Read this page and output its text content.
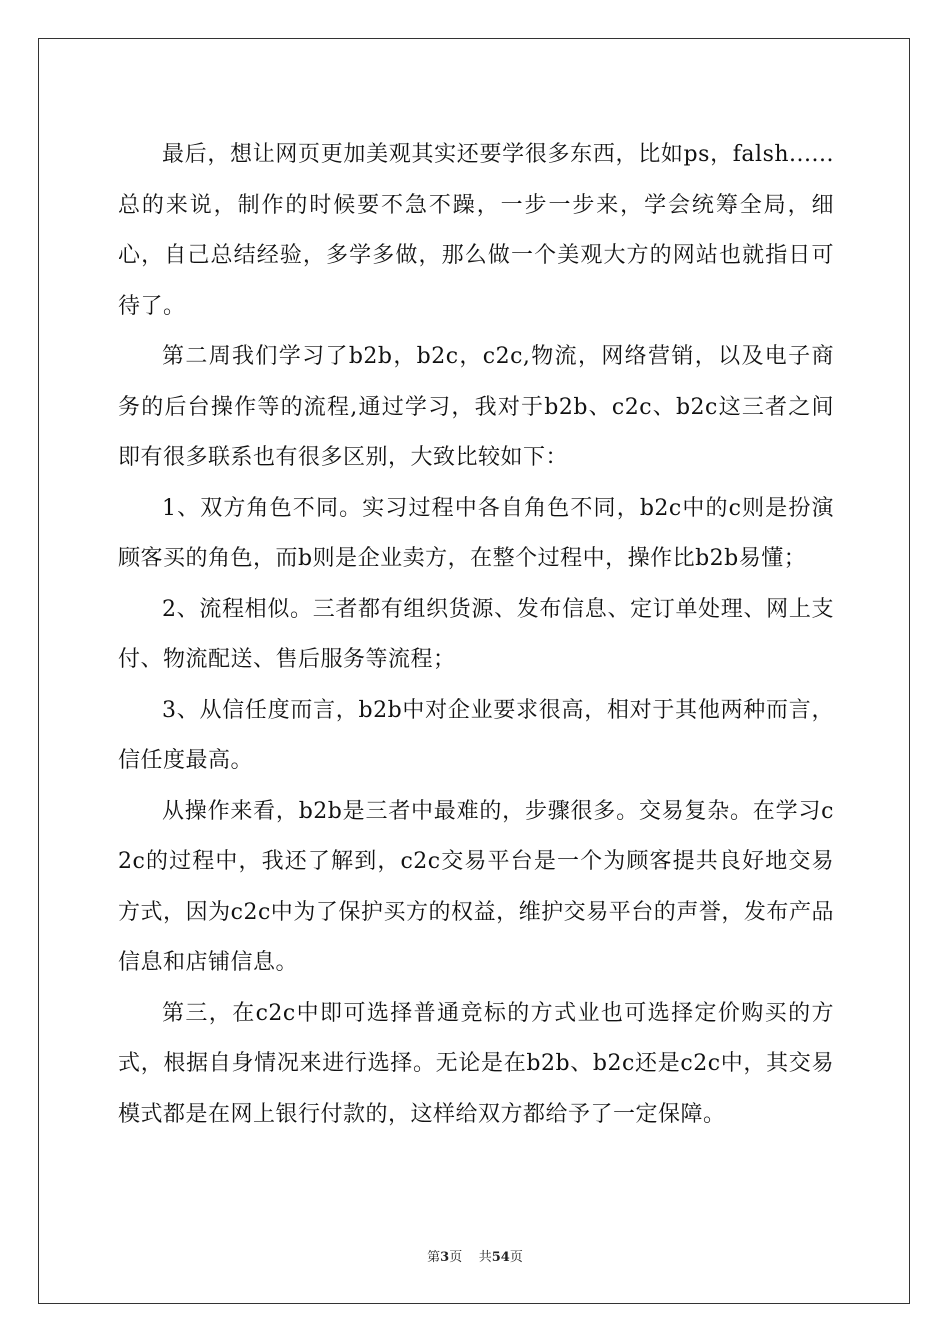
最后，想让网页更加美观其实还要学很多东西，比如ps，falsh......总的来说，制作的时候要不急不躁，一步一步来，学会统筹全局，细心，自己总结经验，多学多做，那么做一个美观大方的网站也就指日可待了。

第二周我们学习了b2b，b2c，c2c,物流，网络营销，以及电子商务的后台操作等的流程,通过学习，我对于b2b、c2c、b2c这三者之间即有很多联系也有很多区别，大致比较如下：

1、双方角色不同。实习过程中各自角色不同，b2c中的c则是扮演顾客买的角色，而b则是企业卖方，在整个过程中，操作比b2b易懂；

2、流程相似。三者都有组织货源、发布信息、定订单处理、网上支付、物流配送、售后服务等流程；

3、从信任度而言，b2b中对企业要求很高，相对于其他两种而言，信任度最高。

从操作来看，b2b是三者中最难的，步骤很多。交易复杂。在学习c2c的过程中，我还了解到，c2c交易平台是一个为顾客提共良好地交易方式，因为c2c中为了保护买方的权益，维护交易平台的声誉，发布产品信息和店铺信息。

第三，在c2c中即可选择普通竞标的方式业也可选择定价购买的方式，根据自身情况来进行选择。无论是在b2b、b2c还是c2c中，其交易模式都是在网上银行付款的，这样给双方都给予了一定保障。

第3页 共54页
